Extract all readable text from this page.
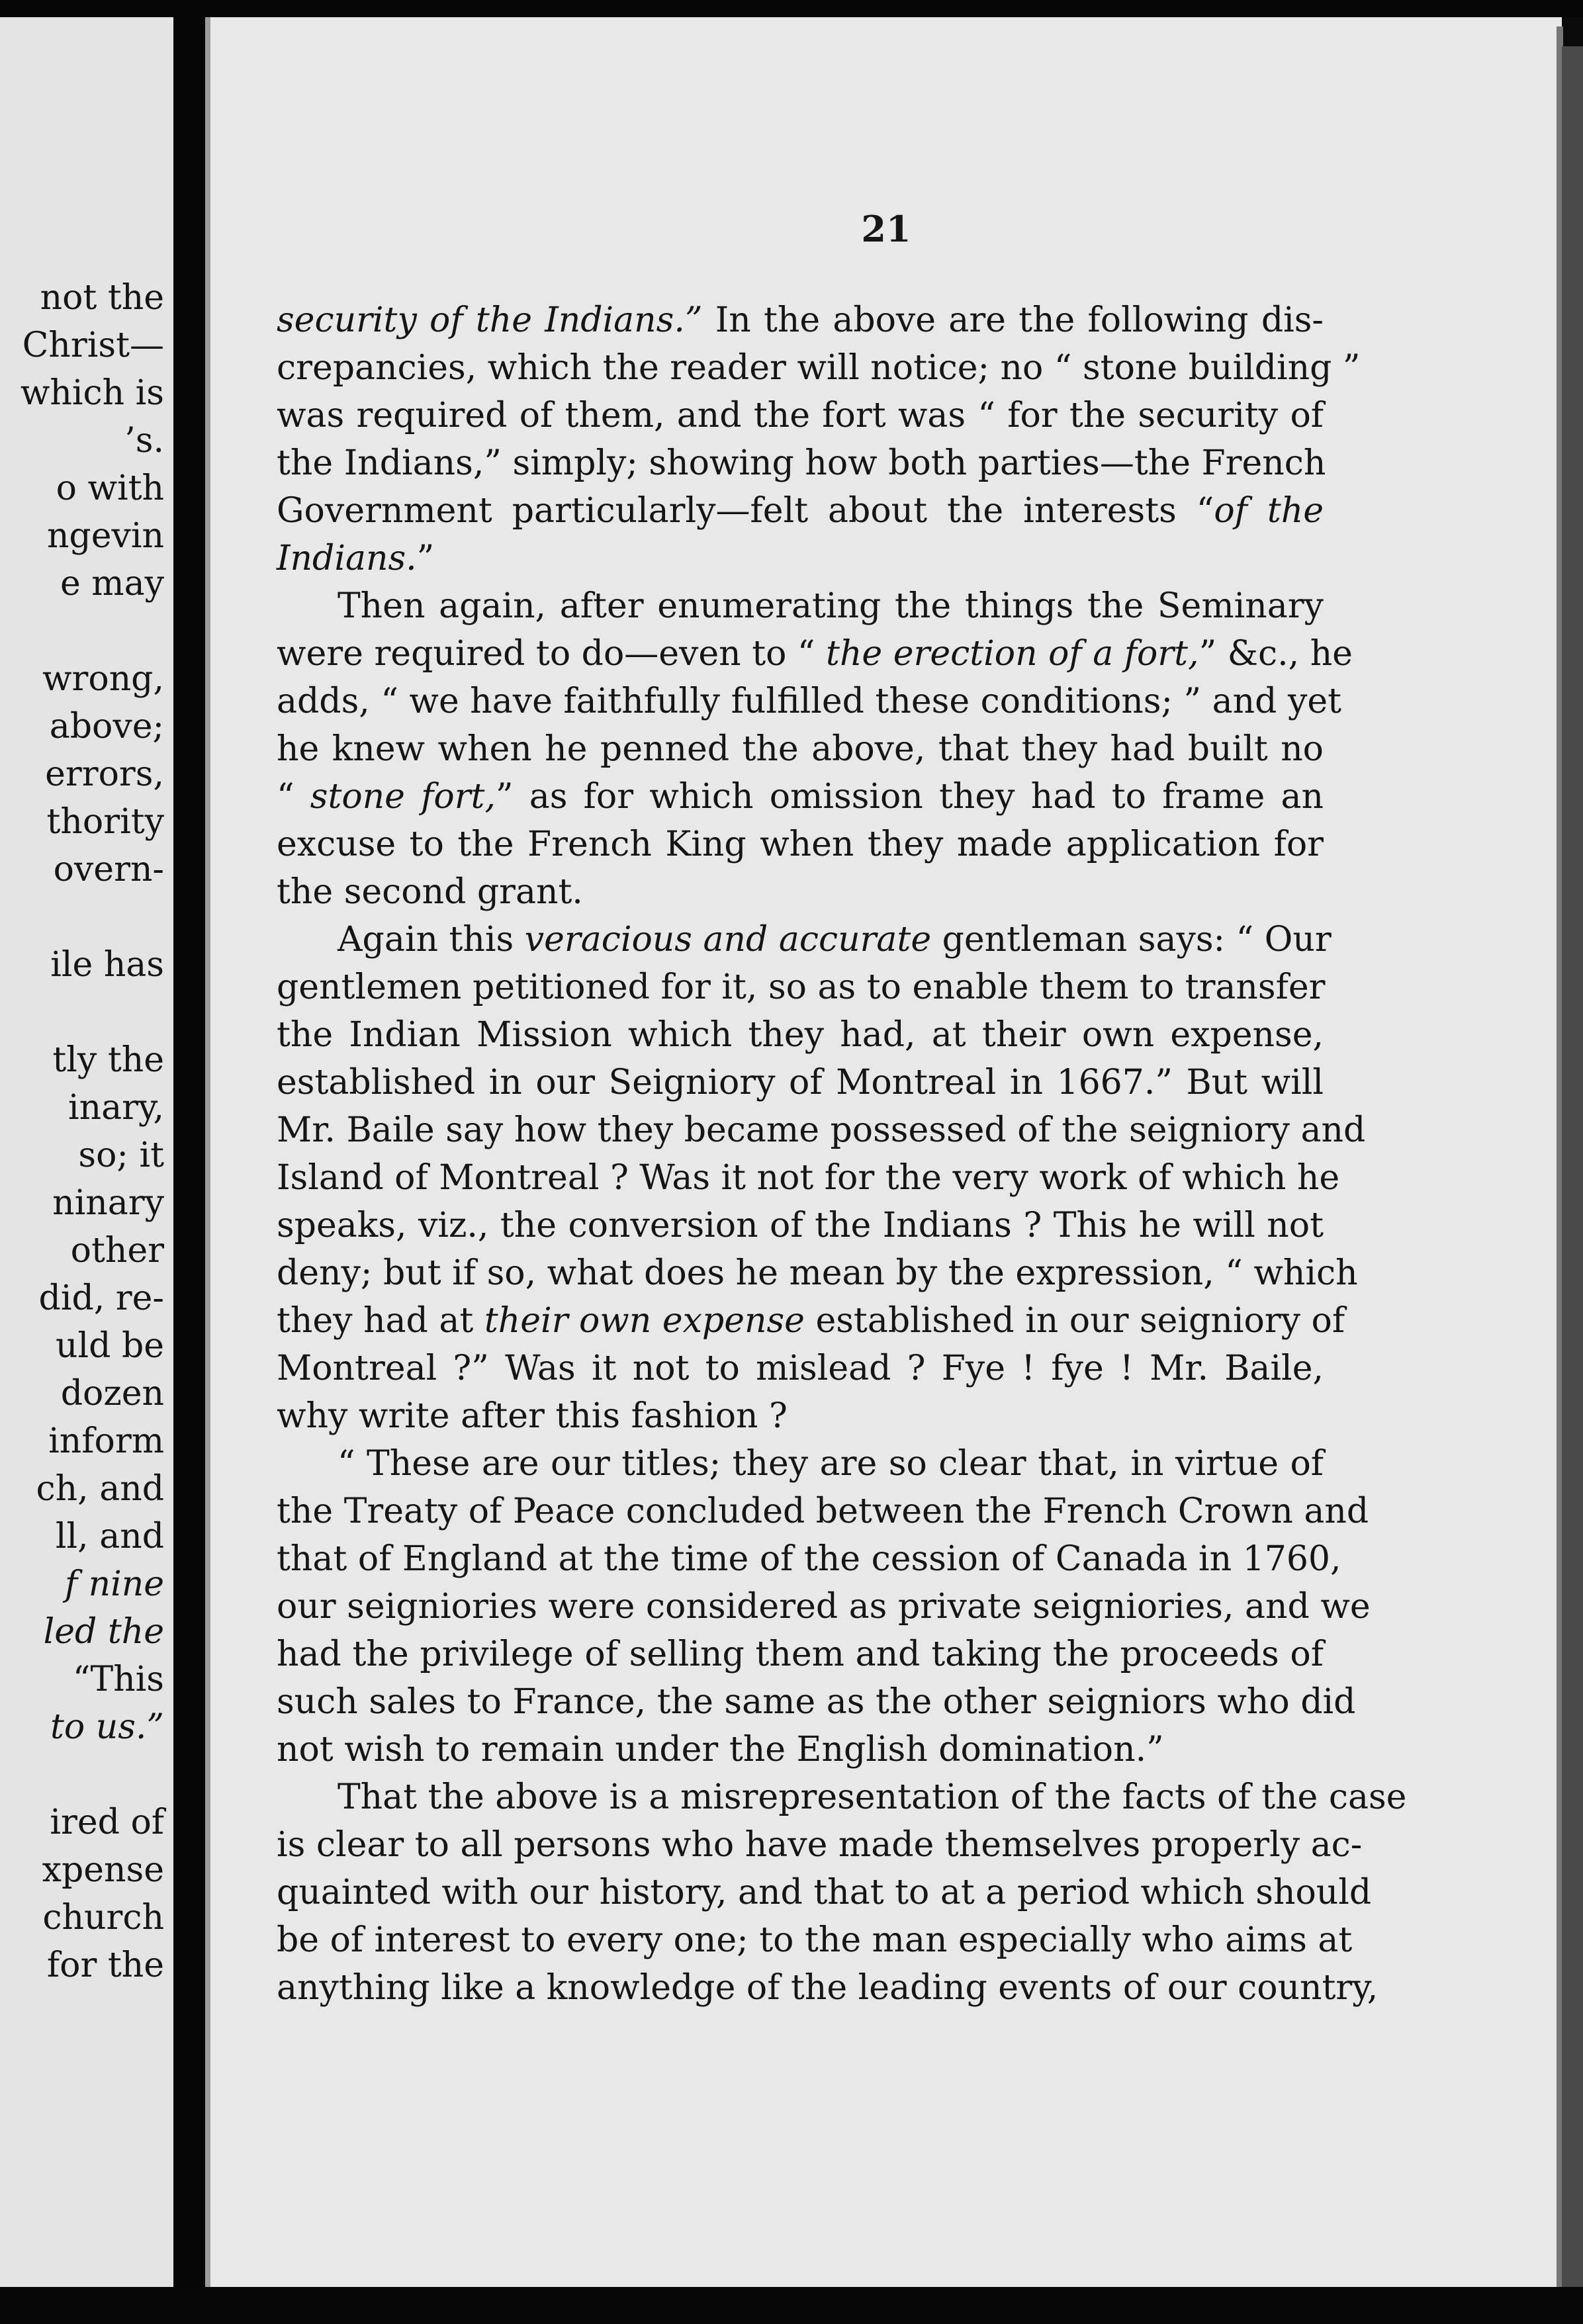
not the
Christ—
which is
’s.
o with
ngevin
e may
wrong,
above;
errors,
thority
overn-
ile has
tly the
inary,
so; it
ninary
other
did, re-
uld be
dozen
inform
ch, and
ll, and
f nine
led the
“This
to us.”
ired of
xpense
church
for the
21
security of the Indians.” In the above are the following dis-
crepancies, which the reader will notice; no “ stone building ”
was required of them, and the fort was “ for the security of
the Indians,” simply; showing how both parties—the French
Government particularly—felt about the interests “of the
Indians.”
Then again, after enumerating the things the Seminary
were required to do—even to “ the erection of a fort,” &c., he
adds, “ we have faithfully fulfilled these conditions; ” and yet
he knew when he penned the above, that they had built no
“ stone fort,” as for which omission they had to frame an
excuse to the French King when they made application for
the second grant.
Again this veracious and accurate gentleman says: “ Our
gentlemen petitioned for it, so as to enable them to transfer
the Indian Mission which they had, at their own expense,
established in our Seigniory of Montreal in 1667.” But will
Mr. Baile say how they became possessed of the seigniory and
Island of Montreal ? Was it not for the very work of which he
speaks, viz., the conversion of the Indians ? This he will not
deny; but if so, what does he mean by the expression, “ which
they had at their own expense established in our seigniory of
Montreal ?” Was it not to mislead ? Fye ! fye ! Mr. Baile,
why write after this fashion ?
“ These are our titles; they are so clear that, in virtue of
the Treaty of Peace concluded between the French Crown and
that of England at the time of the cession of Canada in 1760,
our seigniories were considered as private seigniories, and we
had the privilege of selling them and taking the proceeds of
such sales to France, the same as the other seigniors who did
not wish to remain under the English domination.”
That the above is a misrepresentation of the facts of the case
is clear to all persons who have made themselves properly ac-
quainted with our history, and that to at a period which should
be of interest to every one; to the man especially who aims at
anything like a knowledge of the leading events of our country,
